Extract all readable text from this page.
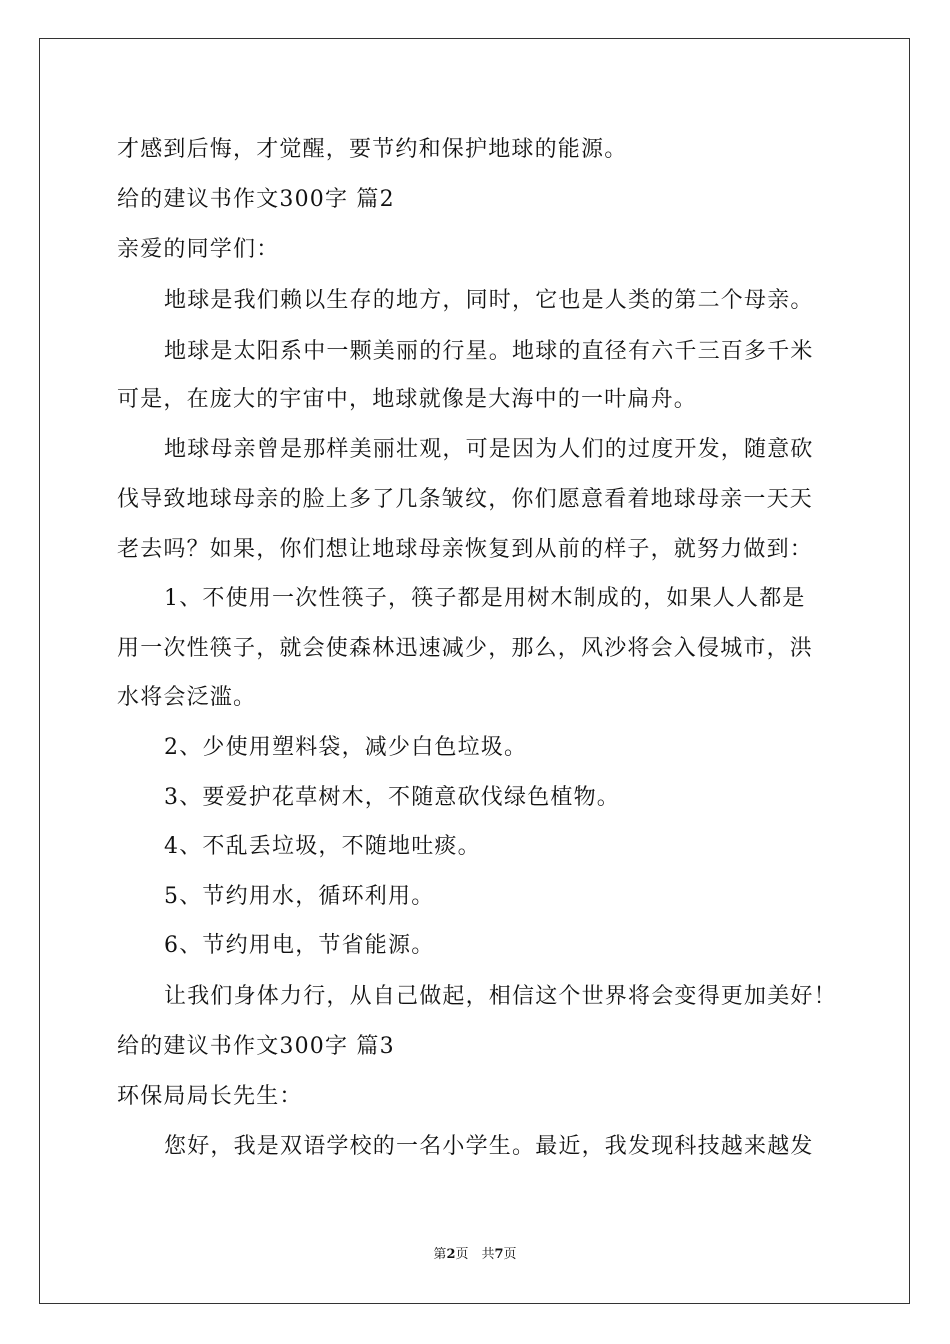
才感到后悔，才觉醒，要节约和保护地球的能源。
给的建议书作文300字 篇2
亲爱的同学们：
地球是我们赖以生存的地方，同时，它也是人类的第二个母亲。
地球是太阳系中一颗美丽的行星。地球的直径有六千三百多千米
可是，在庞大的宇宙中，地球就像是大海中的一叶扁舟。
地球母亲曾是那样美丽壮观，可是因为人们的过度开发，随意砍
伐导致地球母亲的脸上多了几条皱纹，你们愿意看着地球母亲一天天
老去吗？如果，你们想让地球母亲恢复到从前的样子，就努力做到：
1、不使用一次性筷子，筷子都是用树木制成的，如果人人都是
用一次性筷子，就会使森林迅速减少，那么，风沙将会入侵城市，洪
水将会泛滥。
2、少使用塑料袋，减少白色垃圾。
3、要爱护花草树木，不随意砍伐绿色植物。
4、不乱丢垃圾，不随地吐痰。
5、节约用水，循环利用。
6、节约用电，节省能源。
让我们身体力行，从自己做起，相信这个世界将会变得更加美好！
给的建议书作文300字 篇3
环保局局长先生：
您好，我是双语学校的一名小学生。最近，我发现科技越来越发
第2页　共7页
